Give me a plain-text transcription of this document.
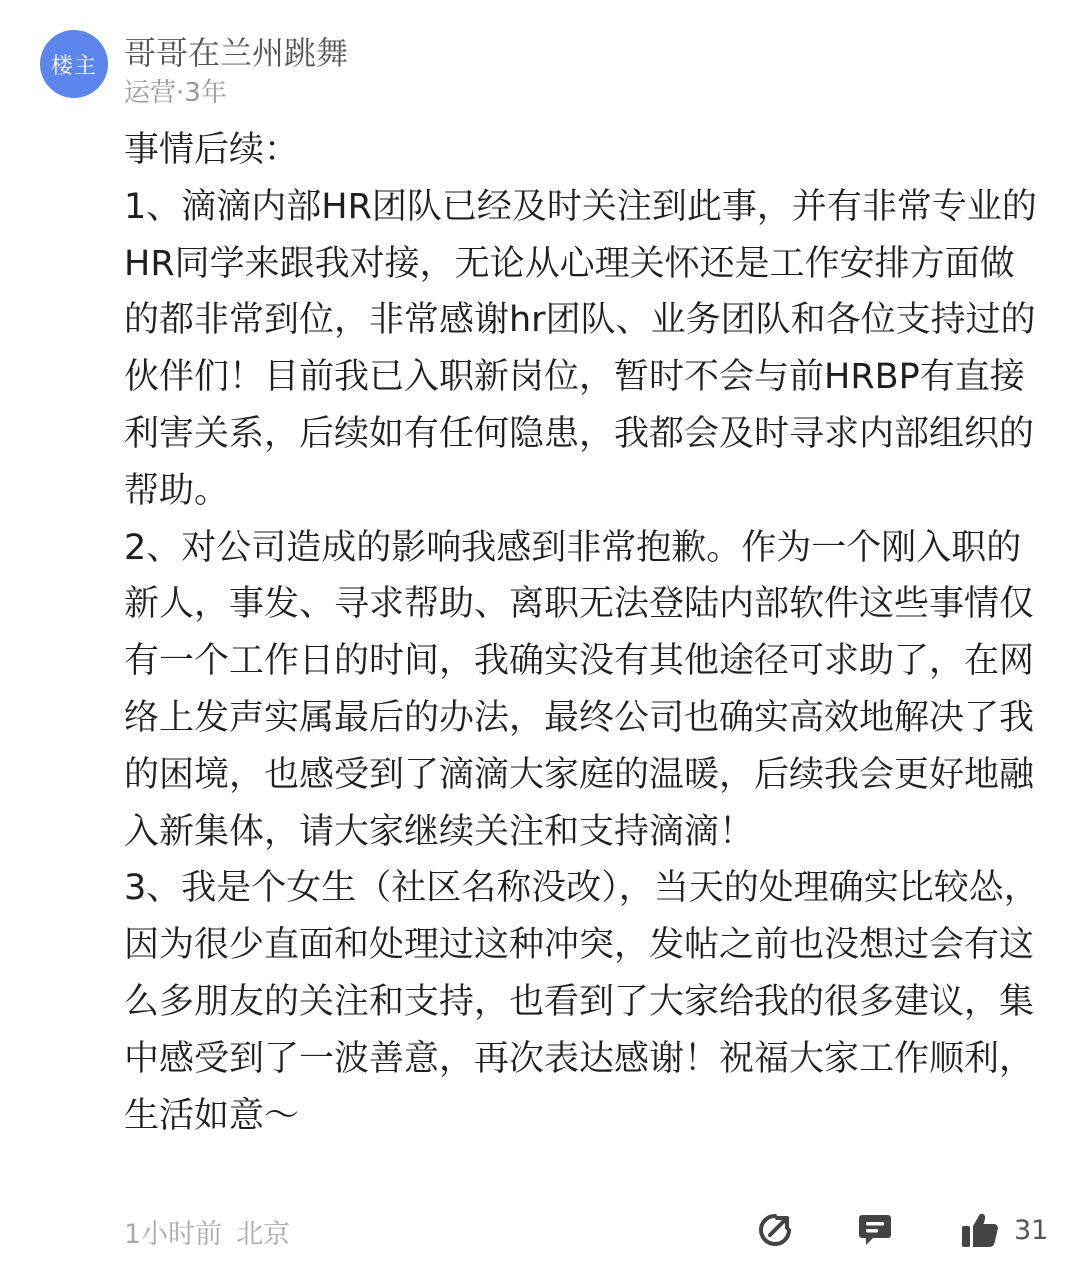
楼主 哥哥在兰州跳舞
运营·3年

事情后续：

1、滴滴内部HR团队已经及时关注到此事，并有非常专业的HR同学来跟我对接，无论从心理关怀还是工作安排方面做的都非常到位，非常感谢hr团队、业务团队和各位支持过的伙伴们！目前我已入职新岗位，暂时不会与前HRBP有直接利害关系，后续如有任何隐患，我都会及时寻求内部组织的帮助。

2、对公司造成的影响我感到非常抱歉。作为一个刚入职的新人，事发、寻求帮助、离职无法登陆内部软件这些事情仅有一个工作日的时间，我确实没有其他途径可求助了，在网络上发声实属最后的办法，最终公司也确实高效地解决了我的困境，也感受到了滴滴大家庭的温暖，后续我会更好地融入新集体，请大家继续关注和支持滴滴！

3、我是个女生（社区名称没改），当天的处理确实比较怂，因为很少直面和处理过这种冲突，发帖之前也没想过会有这么多朋友的关注和支持，也看到了大家给我的很多建议，集中感受到了一波善意，再次表达感谢！祝福大家工作顺利，生活如意～

1小时前 北京	31
